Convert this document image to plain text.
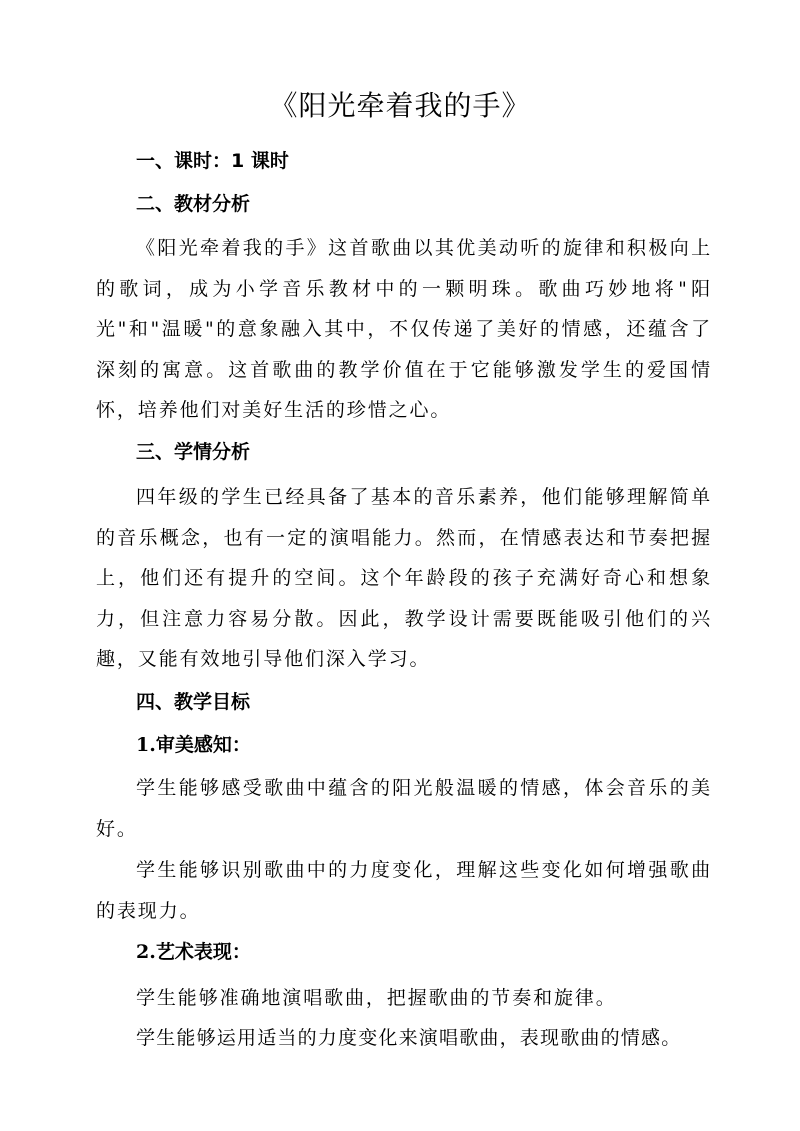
《阳光牵着我的手》
一、课时：1 课时
二、教材分析

《阳光牵着我的手》这首歌曲以其优美动听的旋律和积极向上的歌词，成为小学音乐教材中的一颗明珠。歌曲巧妙地将"阳光"和"温暖"的意象融入其中，不仅传递了美好的情感，还蕴含了深刻的寓意。这首歌曲的教学价值在于它能够激发学生的爱国情怀，培养他们对美好生活的珍惜之心。

三、学情分析

四年级的学生已经具备了基本的音乐素养，他们能够理解简单的音乐概念，也有一定的演唱能力。然而，在情感表达和节奏把握上，他们还有提升的空间。这个年龄段的孩子充满好奇心和想象力，但注意力容易分散。因此，教学设计需要既能吸引他们的兴趣，又能有效地引导他们深入学习。

四、教学目标
1.审美感知：

学生能够感受歌曲中蕴含的阳光般温暖的情感，体会音乐的美好。

学生能够识别歌曲中的力度变化，理解这些变化如何增强歌曲的表现力。

2.艺术表现：

学生能够准确地演唱歌曲，把握歌曲的节奏和旋律。

学生能够运用适当的力度变化来演唱歌曲，表现歌曲的情感。
